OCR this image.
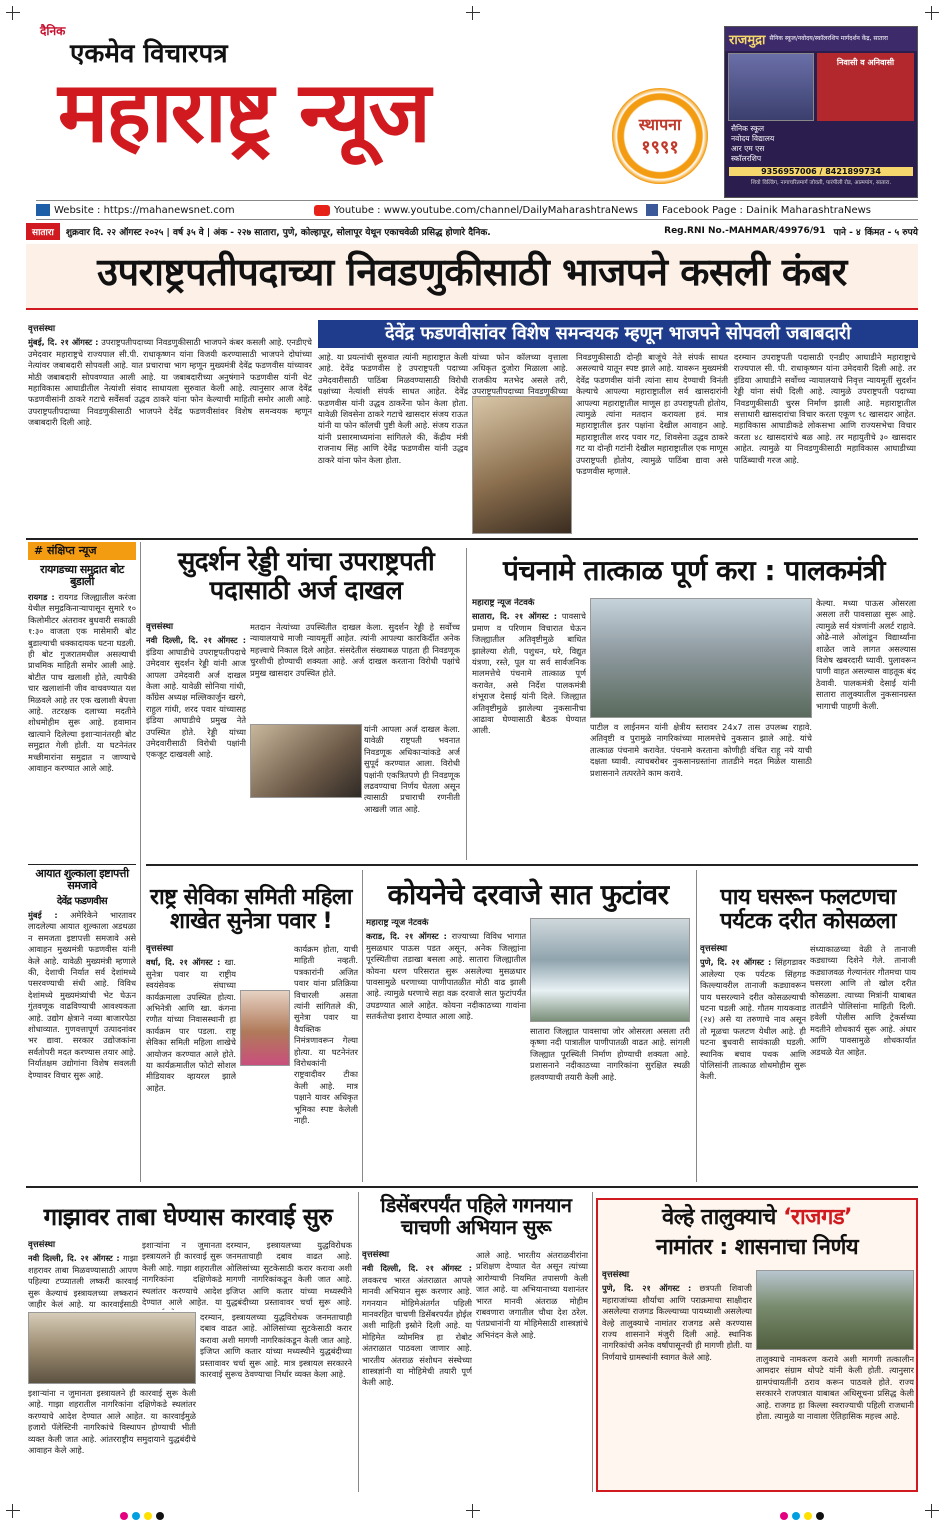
दैनिक
एकमेव विचारपत्र
महाराष्ट्र न्यूज	स्थापना
१९९१
राजमुद्रा सैनिक स्कूल/नवोदय/स्कॉलरशिप मार्गदर्शन केंद्र, सातारा
निवासी व अनिवासी
सैनिक स्कूल
नवोदय विद्यालय
आर एम एस
स्कॉलरशिप
9356957006 / 8421899734
शिवो विल्डिंग, नागाचरितमार्ग जोवती, पारंपीली रोड, आत्मपांग, सातारा.
Website : https://mahanewsnet.com	Youtube : www.youtube.com/channel/DailyMaharashtraNews	Facebook Page : Dainik MaharashtraNews
सातारा	शुक्रवार दि. २२ ऑगस्ट २०२५ | वर्ष ३५ वे | अंक - २२७ सातारा, पुणे, कोल्हापूर, सोलापूर येथून एकाचवेळी प्रसिद्ध होणारे दैनिक.	Reg.RNI No.-MAHMAR/49976/91 पाने - ४ किंमत - ५ रुपये
उपराष्ट्रपतीपदाच्या निवडणुकीसाठी भाजपने कसली कंबर
देवेंद्र फडणवीसांवर विशेष समन्वयक म्हणून भाजपने सोपवली जबाबदारी
वृत्तसंस्था
मुंबई, दि. २१ ऑगस्ट : उपराष्ट्रपतीपदाच्या निवडणुकीसाठी भाजपने कंबर कसली आहे. एनडीएचे उमेदवार महाराष्ट्रचे राज्यपाल सी.पी. राधाकृष्णन यांना विजयी करण्यासाठी भाजपने दोघांच्या नेत्यांवर जबाबदारी सोपवली आहे. यात प्रचाराचा भाग म्हणून मुख्यमंत्री देवेंद्र फडणवीस यांच्यावर मोठी जबाबदारी सोपवण्यात आली आहे. या जबाबदारीच्या अनुषंगाने फडणवीस यांनी थेट महाविकास आघाडीतील नेत्यांशी संवाद साधायला सुरुवात केली आहे. त्यानुसार आज देवेंद्र फडणवीसांनी ठाकरे गटाचे सर्वेसर्वा उद्धव ठाकरे यांना फोन केल्याची माहिती समोर आली आहे. उपराष्ट्रपतीपदाच्या निवडणुकीसाठी भाजपने देवेंद्र फडणवीसांवर विशेष समन्वयक म्हणून जबाबदारी दिली आहे.
आहे. या प्रयत्नांची सुरुवात त्यांनी महाराष्ट्रात केली आहे. देवेंद्र फडणवीस हे उपराष्ट्रपती पदाच्या उमेदवारीसाठी पाठिंबा मिळवण्यासाठी विरोधी पक्षांच्या नेत्यांशी संपर्क साधत आहेत. देवेंद्र फडणवीस यांनी उद्धव ठाकरेंना फोन केला होता. यावेळी शिवसेना ठाकरे गटाचे खासदार संजय राऊत यांनी या फोन कॉलची पुष्टी केली आहे. संजय राऊत यांनी प्रसारमाध्यमांना सांगितले की, केंद्रीय मंत्री राजनाथ सिंह आणि देवेंद्र फडणवीस यांनी उद्धव ठाकरे यांना फोन केला होता.
यांच्या फोन कॉलच्या वृत्ताला अधिकृत दुजोरा मिळाला आहे. राजकीय मतभेद असले तरी, उपराष्ट्रपतीपदाच्या निवडणुकीच्या
निवडणुकीसाठी दोन्ही बाजूंचे नेते संपर्क साधत असल्याचे यातून स्पष्ट झाले आहे. यावरून मुख्यमंत्री देवेंद्र फडणवीस यांनी त्यांना साथ देण्याची विनंती केल्याचे आपल्या महाराष्ट्रातील सर्व खासदारांनी आपल्या महाराष्ट्रातील माणूस हा उपराष्ट्रपती होतोय, त्यामुळे त्यांना मतदान करायला हवं. मात्र महाराष्ट्रातील इतर पक्षांना देखील आवाहन आहे. महाराष्ट्रातील शरद पवार गट, शिवसेना उद्धव ठाकरे गट या दोन्ही गटांनी देखील महाराष्ट्रातील एक माणूस उपराष्ट्रपती होतोय, त्यामुळे पाठिंबा द्यावा असे फडणवीस म्हणाले.
दरम्यान उपराष्ट्रपती पदासाठी एनडीए आघाडीने महाराष्ट्राचे राज्यपाल सी. पी. राधाकृष्णन यांना उमेदवारी दिली आहे. तर इंडिया आघाडीने सर्वोच्च न्यायालयाचे निवृत्त न्यायमूर्ती सुदर्शन रेड्डी यांना संधी दिली आहे. त्यामुळे उपराष्ट्रपती पदाच्या निवडणुकीसाठी चुरस निर्माण झाली आहे. महाराष्ट्रातील सत्ताधारी खासदारांचा विचार करता एकूण ९८ खासदार आहेत. महाविकास आघाडीकडे लोकसभा आणि राज्यसभेचा विचार करता ४८ खासदारांचे बळ आहे. तर महायुतीचे ३० खासदार आहेत. त्यामुळे या निवडणुकीसाठी महाविकास आघाडीच्या पाठिंब्याची गरज आहे.
# संक्षिप्त न्यूज
रायगडच्या समुद्रात बोट बुडाली
रायगड : रायगड जिल्ह्यातील करंजा येथील समुद्रकिनाऱ्यापासून सुमारे १० किलोमीटर अंतरावर बुधवारी सकाळी १:३० वाजता एक मासेमारी बोट बुडाल्याची धक्कादायक घटना घडली. ही बोट गुजरातमधील असल्याची प्राथमिक माहिती समोर आली आहे. बोटीत पाच खलाशी होते, त्यापैकी चार खलाशांनी जीव वाचवण्यात यश मिळवले आहे तर एक खलाशी बेपत्ता आहे. तटरक्षक दलाच्या मदतीने शोधमोहीम सुरू आहे. हवामान खात्याने दिलेल्या इशाऱ्यानंतरही बोट समुद्रात गेली होती. या घटनेनंतर मच्छीमारांना समुद्रात न जाण्याचे आवाहन करण्यात आले आहे.
आयात शुल्काला इष्टापत्ती समजावे
देवेंद्र फडणवीस
मुंबई : अमेरिकेने भारतावर लादलेल्या आयात शुल्काला अडथळा न समजता इष्टापत्ती समजावे असे आवाहन मुख्यमंत्री फडणवीस यांनी केले आहे. यावेळी मुख्यमंत्री म्हणाले की, देशाची निर्यात सर्व देशांमध्ये पसरवण्याची संधी आहे. विविध देशांमध्ये मुख्यमंत्र्यांची भेट घेऊन गुंतवणूक वाढविण्याची आवश्यकता आहे. उद्योग क्षेत्राने नव्या बाजारपेठा शोधाव्यात. गुणवत्तापूर्ण उत्पादनांवर भर द्यावा. सरकार उद्योजकांना सर्वतोपरी मदत करण्यास तयार आहे. निर्यातक्षम उद्योगांना विशेष सवलती देण्यावर विचार सुरू आहे.
सुदर्शन रेड्डी यांचा उपराष्ट्रपती पदासाठी अर्ज दाखल
वृत्तसंस्था
नवी दिल्ली, दि. २१ ऑगस्ट : इंडिया आघाडीचे उपराष्ट्रपतीपदाचे उमेदवार सुदर्शन रेड्डी यांनी आज आपला उमेदवारी अर्ज दाखल केला आहे. यावेळी सोनिया गांधी, काँग्रेस अध्यक्ष मल्लिकार्जुन खरगे, राहुल गांधी, शरद पवार यांच्यासह इंडिया आघाडीचे प्रमुख नेते उपस्थित होते. रेड्डी यांच्या उमेदवारीसाठी विरोधी पक्षांनी एकजूट दाखवली आहे.
मतदान नेत्यांच्या उपस्थितीत दाखल केला. सुदर्शन रेड्डी हे सर्वोच्च न्यायालयाचे माजी न्यायमूर्ती आहेत. त्यांनी आपल्या कारकिर्दीत अनेक महत्त्वाचे निकाल दिले आहेत. संसदेतील संख्याबळ पाहता ही निवडणूक चुरशीची होण्याची शक्यता आहे. अर्ज दाखल करताना विरोधी पक्षांचे प्रमुख खासदार उपस्थित होते.
यांनी आपला अर्ज दाखल केला. यावेळी राष्ट्रपती भवनात निवडणूक अधिकाऱ्यांकडे अर्ज सुपूर्द करण्यात आला. विरोधी पक्षांनी एकत्रितपणे ही निवडणूक लढवण्याचा निर्णय घेतला असून त्यासाठी प्रचाराची रणनीती आखली जात आहे.
पंचनामे तात्काळ पूर्ण करा : पालकमंत्री
महाराष्ट्र न्यूज नेटवर्क
सातारा, दि. २१ ऑगस्ट : पावसाचे प्रमाण व परिणाम विचारात घेऊन जिल्ह्यातील अतिवृष्टीमुळे बाधित झालेल्या शेती, पशुधन, घरे, विद्युत यंत्रणा, रस्ते, पूल या सर्व सार्वजनिक मालमत्तेचे पंचनामे तात्काळ पूर्ण करावेत, असे निर्देश पालकमंत्री शंभूराज देसाई यांनी दिले. जिल्ह्यात अतिवृष्टीमुळे झालेल्या नुकसानीचा आढावा घेण्यासाठी बैठक घेण्यात आली.	पाटील व लाईनमन यांनी क्षेत्रीय स्तरावर 24x7 तास उपलब्ध राहावे. अतिवृष्टी व पुरामुळे नागरिकांच्या मालमत्तेचे नुकसान झाले आहे. यांचे तात्काळ पंचनामे करावेत. पंचनामे करताना कोणीही वंचित राहू नये याची दक्षता घ्यावी. त्याचबरोबर नुकसानग्रस्तांना तातडीने मदत मिळेल यासाठी प्रशासनाने तत्परतेने काम करावे.
केल्या. मध्या पाऊस ओसरला असला तरी पावसाळा सुरू आहे. त्यामुळे सर्व यंत्रणांनी अलर्ट राहावे. ओढे-नाले ओलांडून विद्यार्थ्यांना शाळेत जावे लागत असल्यास विशेष खबरदारी घ्यावी. पुलावरून पाणी वाहत असल्यास वाहतूक बंद ठेवावी. पालकमंत्री देसाई यांनी सातारा तालुक्यातील नुकसानग्रस्त भागाची पाहणी केली.
राष्ट्र सेविका समिती महिला शाखेत सुनेत्रा पवार !
वृत्तसंस्था
वर्धा, दि. २१ ऑगस्ट : खा. सुनेत्रा पवार या राष्ट्रीय स्वयंसेवक संघाच्या कार्यक्रमाला उपस्थित होत्या. अभिनेत्री आणि खा. कंगना रणौत यांच्या निवासस्थानी हा कार्यक्रम पार पडला. राष्ट्र सेविका समिती महिला शाखेचे आयोजन करण्यात आले होते. या कार्यक्रमातील फोटो सोशल मीडियावर व्हायरल झाले आहेत.
कार्यक्रम होता, याची माहिती नव्हती. पत्रकारांनी अजित पवार यांना प्रतिक्रिया विचारली असता त्यांनी सांगितले की, सुनेत्रा पवार या वैयक्तिक निमंत्रणावरून गेल्या होत्या. या घटनेनंतर विरोधकांनी राष्ट्रवादीवर टीका केली आहे. मात्र पक्षाने यावर अधिकृत भूमिका स्पष्ट केलेली नाही.
कोयनेचे दरवाजे सात फुटांवर
महाराष्ट्र न्यूज नेटवर्क
कराड, दि. २१ ऑगस्ट : राज्याच्या विविध भागात मुसळधार पाऊस पडत असून, अनेक जिल्ह्यांना पूरस्थितीचा तडाखा बसला आहे. सातारा जिल्ह्यातील कोयना धरण परिसरात सुरू असलेल्या मुसळधार पावसामुळे धरणाच्या पाणीपातळीत मोठी वाढ झाली आहे. त्यामुळे धरणाचे सहा वक्र दरवाजे सात फुटांपर्यंत उघडण्यात आले आहेत. कोयना नदीकाठच्या गावांना सतर्कतेचा इशारा देण्यात आला आहे.
सातारा जिल्ह्यात पावसाचा जोर ओसरला असला तरी कृष्णा नदी पात्रातील पाणीपातळी वाढत आहे. सांगली जिल्ह्यात पूरस्थिती निर्माण होण्याची शक्यता आहे. प्रशासनाने नदीकाठच्या नागरिकांना सुरक्षित स्थळी हलवण्याची तयारी केली आहे.
पाय घसरून फलटणचा पर्यटक दरीत कोसळला
वृत्तसंस्था
पुणे, दि. २१ ऑगस्ट : सिंहगडावर आलेल्या एक पर्यटक सिंहगड किल्ल्यावरील तानाजी कड्यावरून पाय घसरल्याने दरीत कोसळल्याची घटना घडली आहे. गौतम गायकवाड (२४) असे या तरुणाचे नाव असून तो मूळचा फलटण येथील आहे. ही घटना बुधवारी सायंकाळी घडली. स्थानिक बचाव पथक आणि पोलिसांनी तात्काळ शोधमोहीम सुरू केली.
संध्याकाळच्या वेळी ते तानाजी कड्याच्या दिशेने गेले. तानाजी कड्याजवळ गेल्यानंतर गौतमचा पाय घसरला आणि तो खोल दरीत कोसळला. त्याच्या मित्रांनी याबाबत तातडीने पोलिसांना माहिती दिली. हवेली पोलीस आणि ट्रेकर्सच्या मदतीने शोधकार्य सुरू आहे. अंधार आणि पावसामुळे शोधकार्यात अडथळे येत आहेत.
गाझावर ताबा घेण्यास कारवाई सुरु
वृत्तसंस्था
नवी दिल्ली, दि. २१ ऑगस्ट : गाझा शहरावर ताबा मिळवण्यासाठी आपण पहिल्या टप्प्यातली लष्करी कारवाई सुरू केल्याचं इस्त्रायलच्या लष्करानं जाहीर केलं आहे. या कारवाईसाठी
इशाऱ्यांना न जुमानता इस्त्रायलने ही कारवाई सुरू केली आहे. गाझा शहरातील नागरिकांना दक्षिणेकडे स्थलांतर करण्याचे आदेश देण्यात आले आहेत. या कारवाईमुळे हजारो पॅलेस्टिनी नागरिकांचे विस्थापन होण्याची भीती व्यक्त केली जात आहे. आंतरराष्ट्रीय समुदायाने युद्धबंदीचे आवाहन केले आहे.
इशाऱ्यांना न जुमानता इस्त्रायलने ही कारवाई सुरू केली आहे. गाझा शहरातील नागरिकांना दक्षिणेकडे स्थलांतर करण्याचे आदेश देण्यात आले आहेत. या
दरम्यान, इस्त्रायलच्या युद्धविरोधक जनमताचाही दबाव वाढत आहे. ओलिसांच्या सुटकेसाठी करार करावा अशी मागणी नागरिकांकडून केली जात आहे. इजिप्त आणि कतार यांच्या मध्यस्थीने युद्धबंदीच्या प्रस्तावावर चर्चा सुरू आहे. मात्र इस्त्रायल सरकारने कारवाई सुरूच ठेवण्याचा निर्धार व्यक्त केला आहे.
दरम्यान, इस्त्रायलच्या युद्धविरोधक जनमताचाही दबाव वाढत आहे. ओलिसांच्या सुटकेसाठी करार करावा अशी मागणी नागरिकांकडून केली जात आहे. इजिप्त आणि कतार यांच्या मध्यस्थीने युद्धबंदीच्या प्रस्तावावर चर्चा सुरू आहे.
डिसेंबरपर्यंत पहिले गगनयान चाचणी अभियान सुरू
वृत्तसंस्था
नवी दिल्ली, दि. २१ ऑगस्ट : लवकरच भारत अंतराळात आपले मानवी अभियान सुरू करणार आहे. गगनयान मोहिमेअंतर्गत पहिली मानवरहित चाचणी डिसेंबरपर्यंत होईल अशी माहिती इस्रोने दिली आहे. या मोहिमेत व्योममित्र हा रोबोट अंतराळात पाठवला जाणार आहे. भारतीय अंतराळ संशोधन संस्थेच्या शास्त्रज्ञांनी या मोहिमेची तयारी पूर्ण केली आहे.
आले आहे. भारतीय अंतराळवीरांना प्रशिक्षण देण्यात येत असून त्यांच्या आरोग्याची नियमित तपासणी केली जात आहे. या अभियानाच्या यशानंतर भारत मानवी अंतराळ मोहीम राबवणारा जगातील चौथा देश ठरेल. पंतप्रधानांनी या मोहिमेसाठी शास्त्रज्ञांचे अभिनंदन केले आहे.
वेल्हे तालुक्याचे ‘राजगड’
नामांतर : शासनाचा निर्णय
वृत्तसंस्था
पुणे, दि. २१ ऑगस्ट : छत्रपती शिवाजी महाराजांच्या शौर्याचा आणि पराक्रमाचा साक्षीदार असलेल्या राजगड किल्ल्याच्या पायथ्याशी असलेल्या वेल्हे तालुक्याचे नामांतर राजगड असे करण्यास राज्य शासनाने मंजुरी दिली आहे. स्थानिक नागरिकांची अनेक वर्षांपासूनची ही मागणी होती. या निर्णयाचे ग्रामस्थांनी स्वागत केले आहे.	तालुक्याचे नामकरण करावे अशी मागणी तत्कालीन आमदार संग्राम थोपटे यांनी केली होती. त्यानुसार ग्रामपंचायतींनी ठराव करून पाठवले होते. राज्य सरकारने राजपत्रात याबाबत अधिसूचना प्रसिद्ध केली आहे. राजगड हा किल्ला स्वराज्याची पहिली राजधानी होता. त्यामुळे या नावाला ऐतिहासिक महत्त्व आहे.
